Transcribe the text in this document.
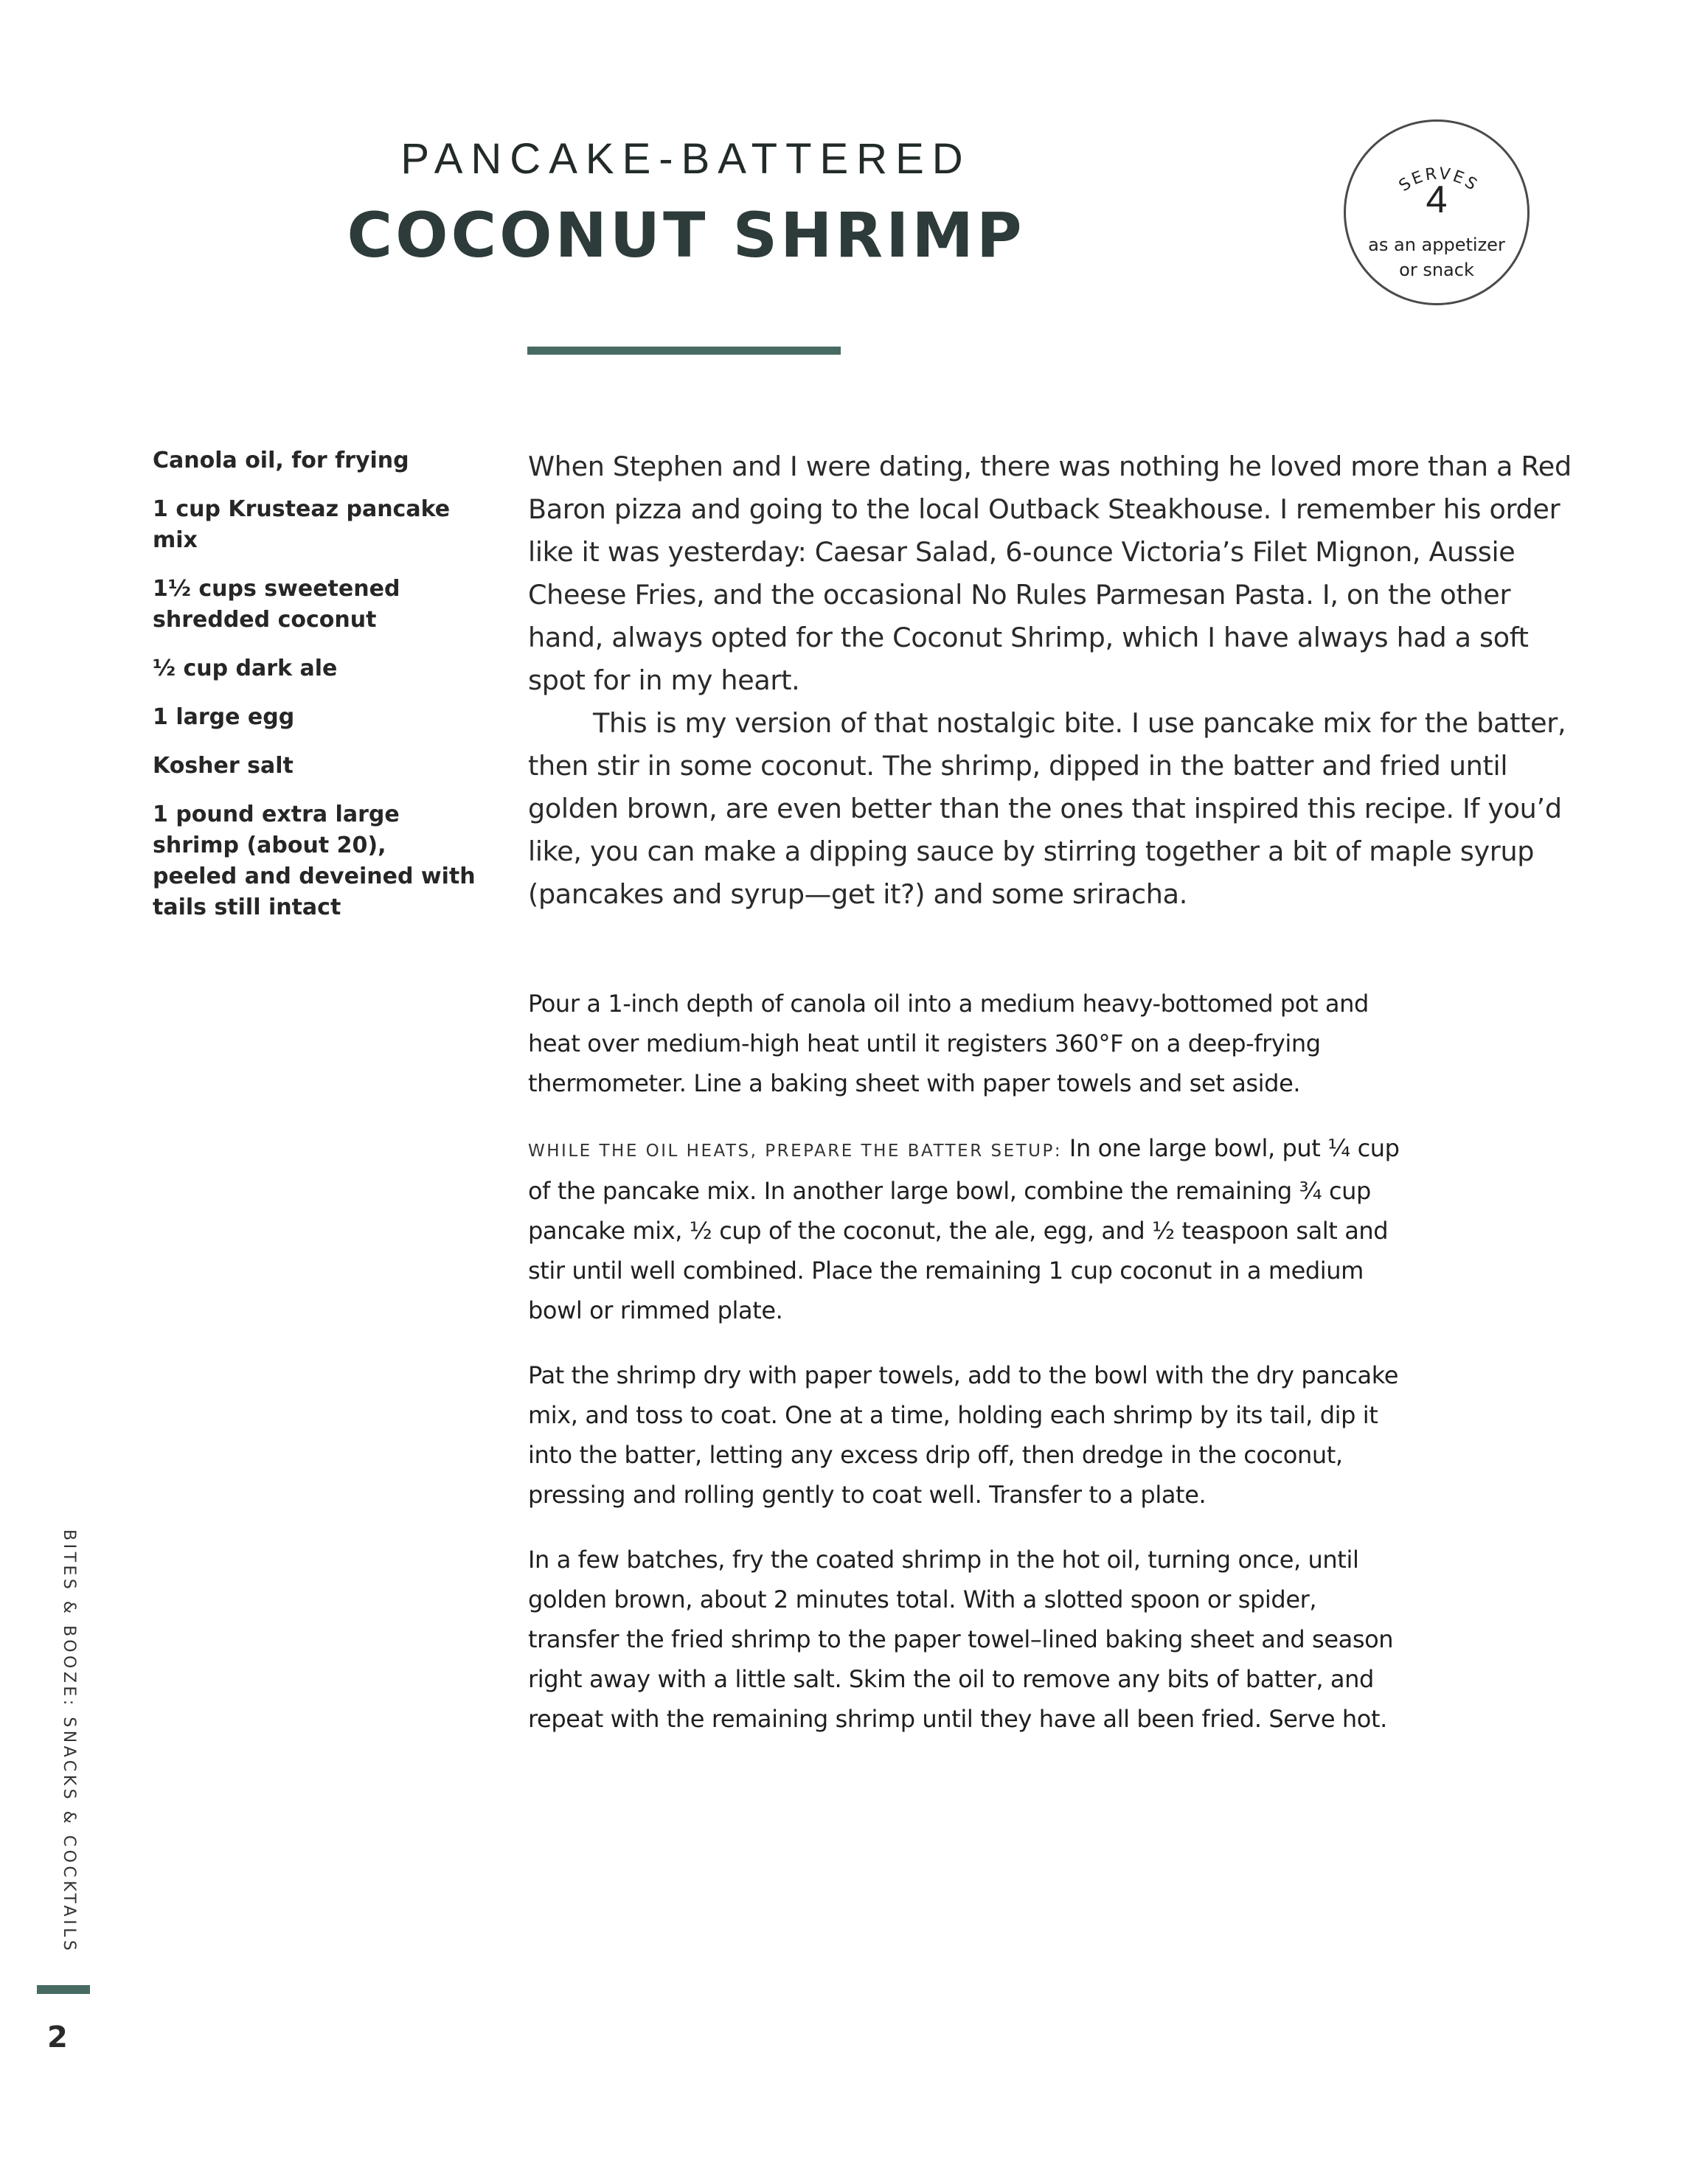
PANCAKE-BATTERED
COCONUT SHRIMP
SERVES
4
as an appetizer
or snack
Canola oil, for frying
1 cup Krusteaz pancake mix
1½ cups sweetened shredded coconut
½ cup dark ale
1 large egg
Kosher salt
1 pound extra large shrimp (about 20), peeled and deveined with tails still intact

When Stephen and I were dating, there was nothing he loved more than a Red Baron pizza and going to the local Outback Steakhouse. I remember his order like it was yesterday: Caesar Salad, 6-ounce Victoria’s Filet Mignon, Aussie Cheese Fries, and the occasional No Rules Parmesan Pasta. I, on the other hand, always opted for the Coconut Shrimp, which I have always had a soft spot for in my heart.

This is my version of that nostalgic bite. I use pancake mix for the batter, then stir in some coconut. The shrimp, dipped in the batter and fried until golden brown, are even better than the ones that inspired this recipe. If you’d like, you can make a dipping sauce by stirring together a bit of maple syrup (pancakes and syrup—get it?) and some sriracha.

Pour a 1-inch depth of canola oil into a medium heavy-bottomed pot and heat over medium-high heat until it registers 360°F on a deep-frying thermometer. Line a baking sheet with paper towels and set aside.

WHILE THE OIL HEATS, PREPARE THE BATTER SETUP: In one large bowl, put ¼ cup of the pancake mix. In another large bowl, combine the remaining ¾ cup pancake mix, ½ cup of the coconut, the ale, egg, and ½ teaspoon salt and stir until well combined. Place the remaining 1 cup coconut in a medium bowl or rimmed plate.

Pat the shrimp dry with paper towels, add to the bowl with the dry pancake mix, and toss to coat. One at a time, holding each shrimp by its tail, dip it into the batter, letting any excess drip off, then dredge in the coconut, pressing and rolling gently to coat well. Transfer to a plate.

In a few batches, fry the coated shrimp in the hot oil, turning once, until golden brown, about 2 minutes total. With a slotted spoon or spider, transfer the fried shrimp to the paper towel–lined baking sheet and season right away with a little salt. Skim the oil to remove any bits of batter, and repeat with the remaining shrimp until they have all been fried. Serve hot.

BITES & BOOZE: SNACKS & COCKTAILS
2
